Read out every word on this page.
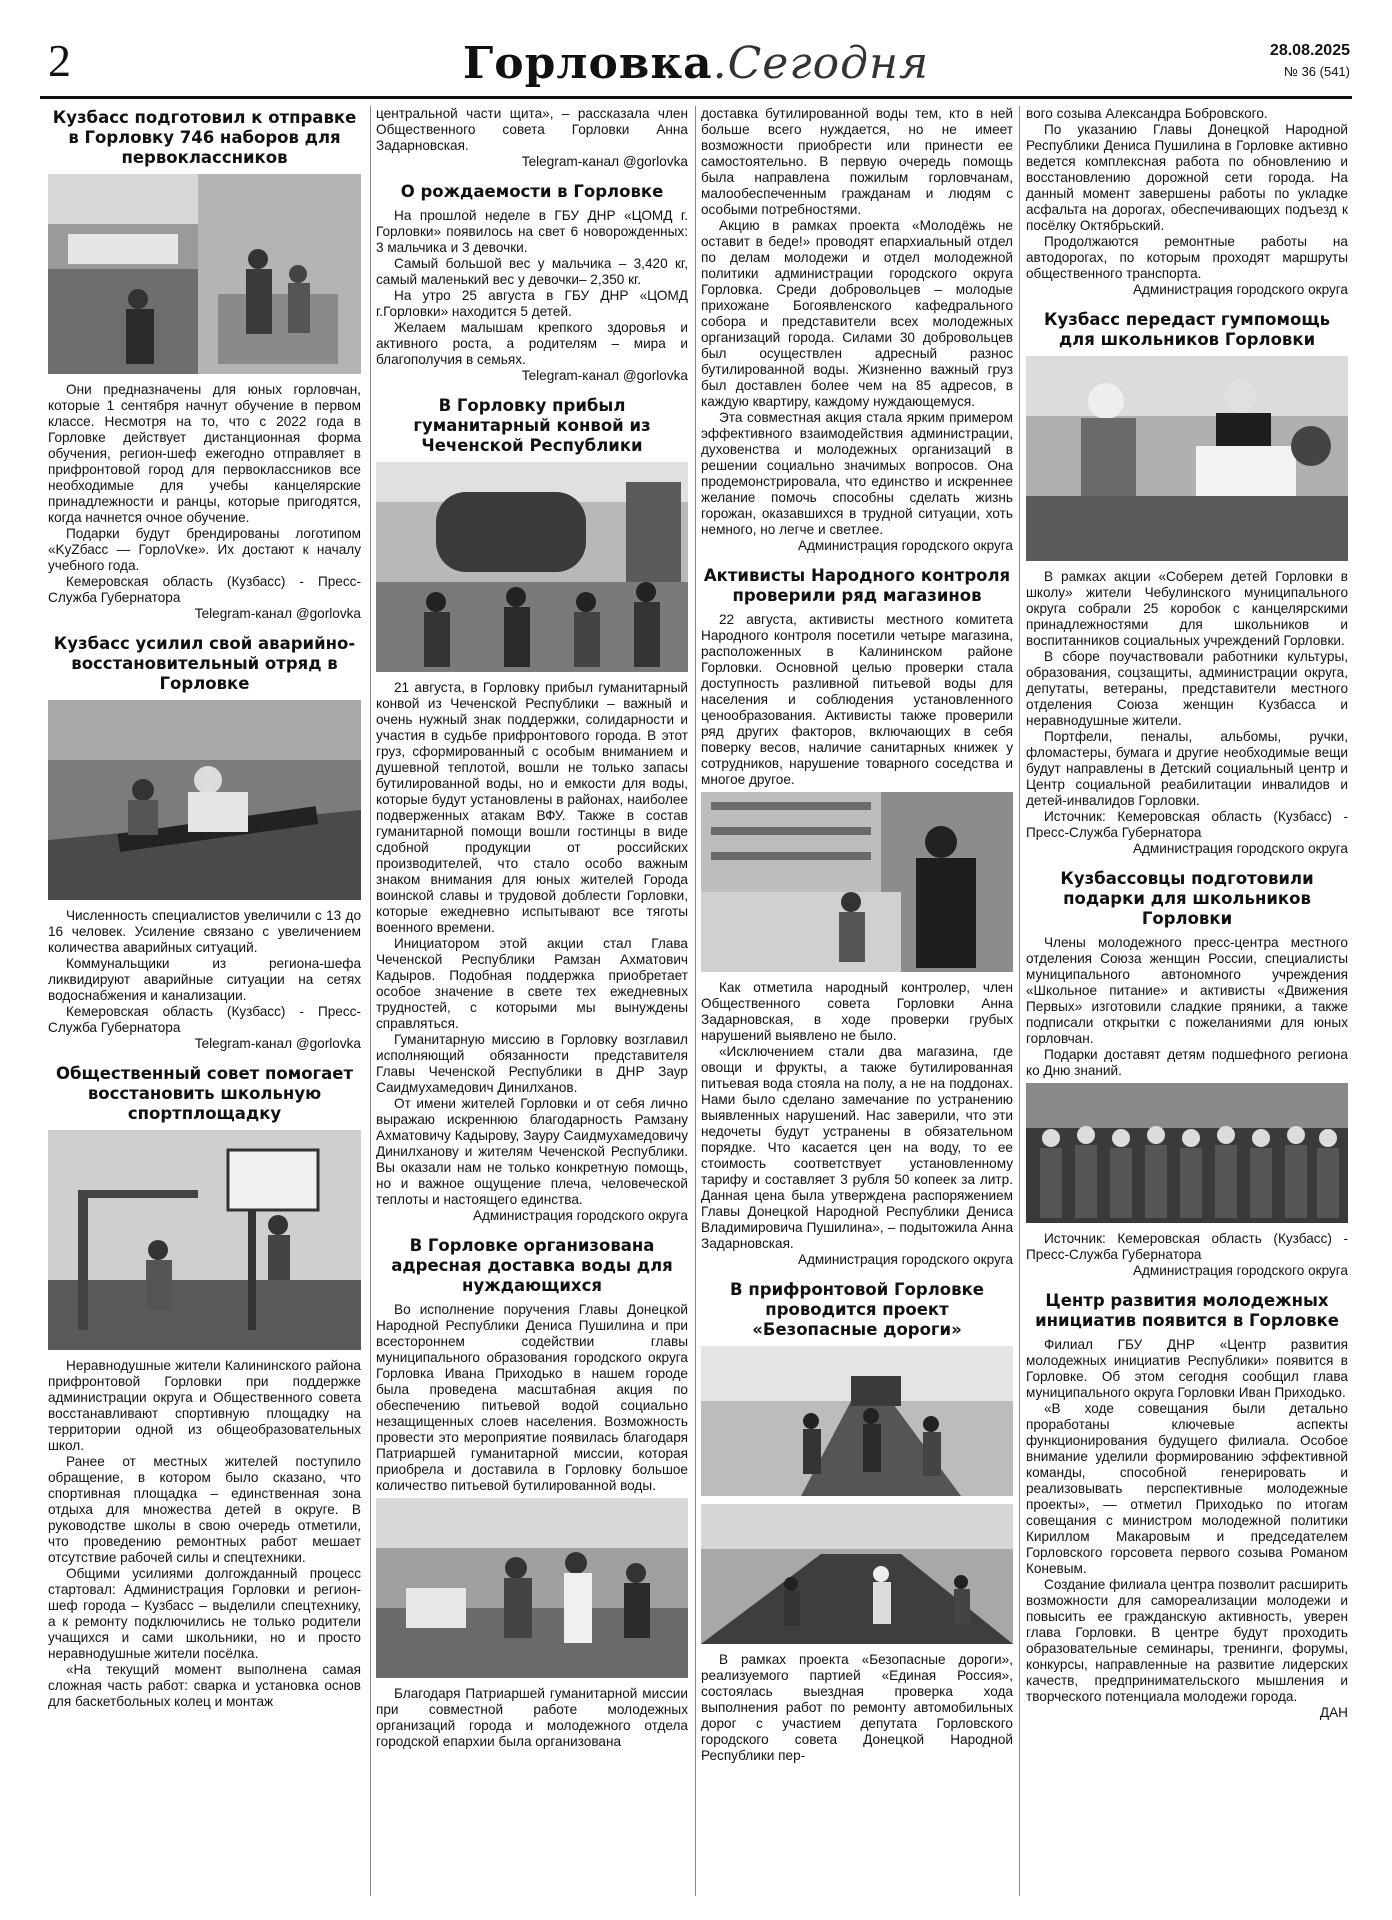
2	Горловка.Сегодня	28.08.2025
№ 36 (541)
Кузбасс подготовил к отправке в Горловку 746 наборов для первоклассников

Они предназначены для юных горловчан, которые 1 сентября начнут обучение в первом классе. Несмотря на то, что с 2022 года в Горловке действует дистанционная форма обучения, регион-шеф ежегодно отправляет в прифронтовой город для первоклассников все необходимые для учебы канцелярские принадлежности и ранцы, которые пригодятся, когда начнется очное обучение.

Подарки будут брендированы логотипом «KyZбасс — ГорлоVке». Их достают к началу учебного года.

Кемеровская область (Кузбасс) - Пресс-Служба Губернатора

Telegram-канал @gorlovka

Кузбасс усилил свой аварийно-восстановительный отряд в Горловке

Численность специалистов увеличили с 13 до 16 человек. Усиление связано с увеличением количества аварийных ситуаций.

Коммунальщики из региона-шефа ликвидируют аварийные ситуации на сетях водоснабжения и канализации.

Кемеровская область (Кузбасс) - Пресс-Служба Губернатора

Telegram-канал @gorlovka

Общественный совет помогает восстановить школьную спортплощадку

Неравнодушные жители Калининского района прифронтовой Горловки при поддержке администрации округа и Общественного совета восстанавливают спортивную площадку на территории одной из общеобразовательных школ.

Ранее от местных жителей поступило обращение, в котором было сказано, что спортивная площадка – единственная зона отдыха для множества детей в округе. В руководстве школы в свою очередь отметили, что проведению ремонтных работ мешает отсутствие рабочей силы и спецтехники.

Общими усилиями долгожданный процесс стартовал: Администрация Горловки и регион-шеф города – Кузбасс – выделили спецтехнику, а к ремонту подключились не только родители учащихся и сами школьники, но и просто неравнодушные жители посёлка.

«На текущий момент выполнена самая сложная часть работ: сварка и установка основ для баскетбольных колец и монтаж

центральной части щита», – рассказала член Общественного совета Горловки Анна Задарновская.

Telegram-канал @gorlovka

О рождаемости в Горловке

На прошлой неделе в ГБУ ДНР «ЦОМД г. Горловки» появилось на свет 6 новорожденных: 3 мальчика и 3 девочки.

Самый большой вес у мальчика – 3,420 кг, самый маленький вес у девочки– 2,350 кг.

На утро 25 августа в ГБУ ДНР «ЦОМД г.Горловки» находится 5 детей.

Желаем малышам крепкого здоровья и активного роста, а родителям – мира и благополучия в семьях.

Telegram-канал @gorlovka

В Горловку прибыл гуманитарный конвой из Чеченской Республики

21 августа, в Горловку прибыл гуманитарный конвой из Чеченской Республики – важный и очень нужный знак поддержки, солидарности и участия в судьбе прифронтового города. В этот груз, сформированный с особым вниманием и душевной теплотой, вошли не только запасы бутилированной воды, но и емкости для воды, которые будут установлены в районах, наиболее подверженных атакам ВФУ. Также в состав гуманитарной помощи вошли гостинцы в виде сдобной продукции от российских производителей, что стало особо важным знаком внимания для юных жителей Города воинской славы и трудовой доблести Горловки, которые ежедневно испытывают все тяготы военного времени.

Инициатором этой акции стал Глава Чеченской Республики Рамзан Ахматович Кадыров. Подобная поддержка приобретает особое значение в свете тех ежедневных трудностей, с которыми мы вынуждены справляться.

Гуманитарную миссию в Горловку возглавил исполняющий обязанности представителя Главы Чеченской Республики в ДНР Заур Саидмухамедович Динилханов.

От имени жителей Горловки и от себя лично выражаю искреннюю благодарность Рамзану Ахматовичу Кадырову, Зауру Саидмухамедовичу Динилханову и жителям Чеченской Республики. Вы оказали нам не только конкретную помощь, но и важное ощущение плеча, человеческой теплоты и настоящего единства.

Администрация городского округа

В Горловке организована адресная доставка воды для нуждающихся

Во исполнение поручения Главы Донецкой Народной Республики Дениса Пушилина и при всестороннем содействии главы муниципального образования городского округа Горловка Ивана Приходько в нашем городе была проведена масштабная акция по обеспечению питьевой водой социально незащищенных слоев населения. Возможность провести это мероприятие появилась благодаря Патриаршей гуманитарной миссии, которая приобрела и доставила в Горловку большое количество питьевой бутилированной воды.

Благодаря Патриаршей гуманитарной миссии при совместной работе молодежных организаций города и молодежного отдела городской епархии была организована

доставка бутилированной воды тем, кто в ней больше всего нуждается, но не имеет возможности приобрести или принести ее самостоятельно. В первую очередь помощь была направлена пожилым горловчанам, малообеспеченным гражданам и людям с особыми потребностями.

Акцию в рамках проекта «Молодёжь не оставит в беде!» проводят епархиальный отдел по делам молодежи и отдел молодежной политики администрации городского округа Горловка. Среди добровольцев – молодые прихожане Богоявленского кафедрального собора и представители всех молодежных организаций города. Силами 30 добровольцев был осуществлен адресный разнос бутилированной воды. Жизненно важный груз был доставлен более чем на 85 адресов, в каждую квартиру, каждому нуждающемуся.

Эта совместная акция стала ярким примером эффективного взаимодействия администрации, духовенства и молодежных организаций в решении социально значимых вопросов. Она продемонстрировала, что единство и искреннее желание помочь способны сделать жизнь горожан, оказавшихся в трудной ситуации, хоть немного, но легче и светлее.

Администрация городского округа

Активисты Народного контроля проверили ряд магазинов

22 августа, активисты местного комитета Народного контроля посетили четыре магазина, расположенных в Калининском районе Горловки. Основной целью проверки стала доступность разливной питьевой воды для населения и соблюдения установленного ценообразования. Активисты также проверили ряд других факторов, включающих в себя поверку весов, наличие санитарных книжек у сотрудников, нарушение товарного соседства и многое другое.

Как отметила народный контролер, член Общественного совета Горловки Анна Задарновская, в ходе проверки грубых нарушений выявлено не было.

«Исключением стали два магазина, где овощи и фрукты, а также бутилированная питьевая вода стояла на полу, а не на поддонах. Нами было сделано замечание по устранению выявленных нарушений. Нас заверили, что эти недочеты будут устранены в обязательном порядке. Что касается цен на воду, то ее стоимость соответствует установленному тарифу и составляет 3 рубля 50 копеек за литр. Данная цена была утверждена распоряжением Главы Донецкой Народной Республики Дениса Владимировича Пушилина», – подытожила Анна Задарновская.

Администрация городского округа

В прифронтовой Горловке проводится проект «Безопасные дороги»

В рамках проекта «Безопасные дороги», реализуемого партией «Единая Россия», состоялась выездная проверка хода выполнения работ по ремонту автомобильных дорог с участием депутата Горловского городского совета Донецкой Народной Республики пер-

вого созыва Александра Бобровского.

По указанию Главы Донецкой Народной Республики Дениса Пушилина в Горловке активно ведется комплексная работа по обновлению и восстановлению дорожной сети города. На данный момент завершены работы по укладке асфальта на дорогах, обеспечивающих подъезд к посёлку Октябрьский.

Продолжаются ремонтные работы на автодорогах, по которым проходят маршруты общественного транспорта.

Администрация городского округа

Кузбасс передаст гумпомощь для школьников Горловки

В рамках акции «Соберем детей Горловки в школу» жители Чебулинского муниципального округа собрали 25 коробок с канцелярскими принадлежностями для школьников и воспитанников социальных учреждений Горловки.

В сборе поучаствовали работники культуры, образования, соцзащиты, администрации округа, депутаты, ветераны, представители местного отделения Союза женщин Кузбасса и неравнодушные жители.

Портфели, пеналы, альбомы, ручки, фломастеры, бумага и другие необходимые вещи будут направлены в Детский социальный центр и Центр социальной реабилитации инвалидов и детей-инвалидов Горловки.

Источник: Кемеровская область (Кузбасс) - Пресс-Служба Губернатора

Администрация городского округа

Кузбассовцы подготовили подарки для школьников Горловки

Члены молодежного пресс-центра местного отделения Союза женщин России, специалисты муниципального автономного учреждения «Школьное питание» и активисты «Движения Первых» изготовили сладкие пряники, а также подписали открытки с пожеланиями для юных горловчан.

Подарки доставят детям подшефного региона ко Дню знаний.

Источник: Кемеровская область (Кузбасс) - Пресс-Служба Губернатора

Администрация городского округа

Центр развития молодежных инициатив появится в Горловке

Филиал ГБУ ДНР «Центр развития молодежных инициатив Республики» появится в Горловке. Об этом сегодня сообщил глава муниципального округа Горловки Иван Приходько.

«В ходе совещания были детально проработаны ключевые аспекты функционирования будущего филиала. Особое внимание уделили формированию эффективной команды, способной генерировать и реализовывать перспективные молодежные проекты», — отметил Приходько по итогам совещания с министром молодежной политики Кириллом Макаровым и председателем Горловского горсовета первого созыва Романом Коневым.

Создание филиала центра позволит расширить возможности для самореализации молодежи и повысить ее гражданскую активность, уверен глава Горловки. В центре будут проходить образовательные семинары, тренинги, форумы, конкурсы, направленные на развитие лидерских качеств, предпринимательского мышления и творческого потенциала молодежи города.

ДАН
